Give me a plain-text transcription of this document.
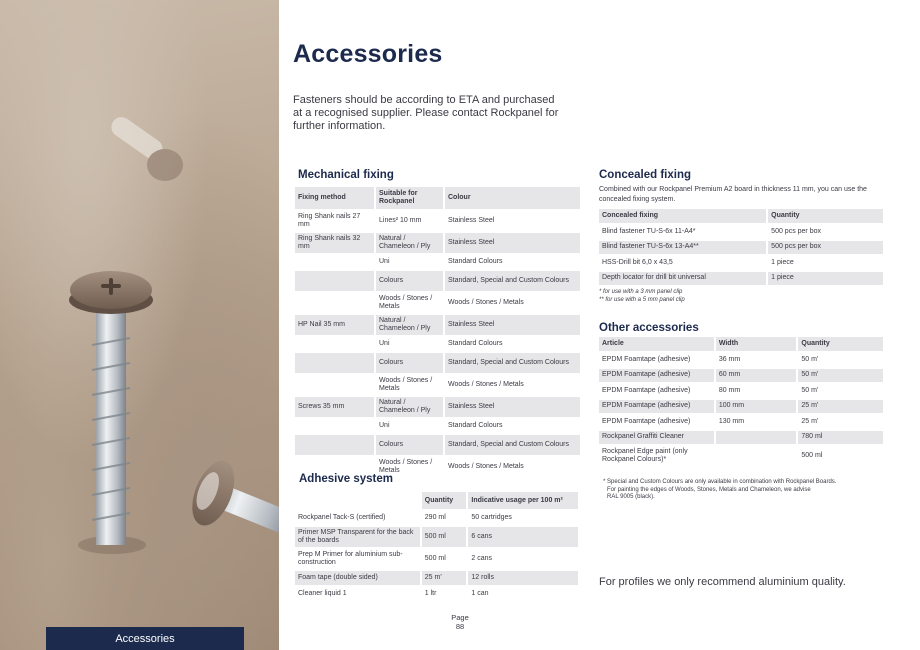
Accessories
Accessories
Fasteners should be according to ETA and purchased at a recognised supplier. Please contact Rockpanel for further information.
Mechanical fixing
Fixing method	Suitable for Rockpanel	Colour
Ring Shank nails 27 mm	Lines² 10 mm	Stainless Steel
Ring Shank nails 32 mm	Natural / Chameleon / Ply	Stainless Steel
	Uni	Standard Colours
	Colours	Standard, Special and Custom Colours
	Woods / Stones / Metals	Woods / Stones / Metals
HP Nail 35 mm	Natural / Chameleon / Ply	Stainless Steel
	Uni	Standard Colours
	Colours	Standard, Special and Custom Colours
	Woods / Stones / Metals	Woods / Stones / Metals
Screws 35 mm	Natural / Chameleon / Ply	Stainless Steel
	Uni	Standard Colours
	Colours	Standard, Special and Custom Colours
	Woods / Stones / Metals	Woods / Stones / Metals
Adhesive system
	Quantity	Indicative usage per 100 m²
Rockpanel Tack-S (certified)	290 ml	50 cartridges
Primer MSP Transparent for the back of the boards	500 ml	6 cans
Prep M Primer for aluminium sub-construction	500 ml	2 cans
Foam tape (double sided)	25 m'	12 rolls
Cleaner liquid 1	1 ltr	1 can
Concealed fixing
Combined with our Rockpanel Premium A2 board in thickness 11 mm, you can use the concealed fixing system.
Concealed fixing	Quantity
Blind fastener TU-S-6x 11-A4*	500 pcs per box
Blind fastener TU-S-6x 13-A4**	500 pcs per box
HSS-Drill bit 6,0 x 43,5	1 piece
Depth locator for drill bit universal	1 piece
* for use with a 3 mm panel clip
** for use with a 5 mm panel clip
Other accessories
Article	Width	Quantity
EPDM Foamtape (adhesive)	36 mm	50 m'
EPDM Foamtape (adhesive)	60 mm	50 m'
EPDM Foamtape (adhesive)	80 mm	50 m'
EPDM Foamtape (adhesive)	100 mm	25 m'
EPDM Foamtape (adhesive)	130 mm	25 m'
Rockpanel Graffiti Cleaner		780 ml
Rockpanel Edge paint (only Rockpanel Colours)*		500 ml
* Special and Custom Colours are only available in combination with Rockpanel Boards.
For painting the edges of Woods, Stones, Metals and Chameleon, we advise
RAL 9005 (black).
For profiles we only recommend aluminium quality.
Page
88
